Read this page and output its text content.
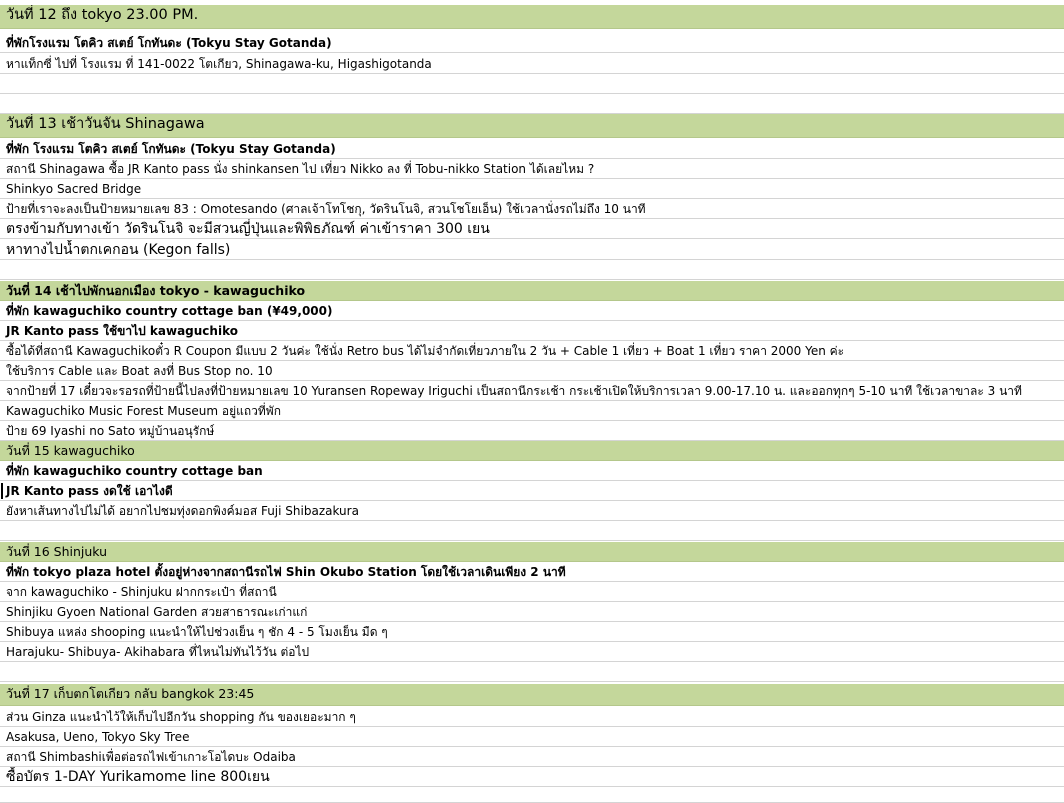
วันที่ 12 ถึง tokyo 23.00 PM.
ที่พักโรงแรม โตคิว สเตย์ โกทันดะ (Tokyu Stay Gotanda)
หาแท็กซี่ ไปที่ โรงแรม ที่ 141-0022 โตเกียว, Shinagawa-ku, Higashigotanda
วันที่ 13 เช้าวันจัน Shinagawa
ที่พัก โรงแรม โตคิว สเตย์ โกทันดะ (Tokyu Stay Gotanda)
สถานี Shinagawa ซื้อ JR Kanto pass นั่ง shinkansen ไป เที่ยว Nikko ลง ที่ Tobu-nikko Station ได้เลยไหม ?
Shinkyo Sacred Bridge
ป้ายที่เราจะลงเป็นป้ายหมายเลข 83 : Omotesando (ศาลเจ้าโทโชกุ, วัดรินโนจิ, สวนโชโยเอ็น) ใช้เวลานั่งรถไม่ถึง 10 นาที
ตรงข้ามกับทางเข้า วัดรินโนจิ จะมีสวนญี่ปุ่นและพิพิธภัณฑ์ ค่าเข้าราคา 300 เยน
หาทางไปน้ำตกเคกอน (Kegon falls)
วันที่ 14 เช้าไปพักนอกเมือง tokyo - kawaguchiko
ที่พัก kawaguchiko country cottage ban (¥49,000)
JR Kanto pass ใช้ขาไป kawaguchiko
ซื้อได้ที่สถานี Kawaguchikoตั๋ว R Coupon มีแบบ 2 วันค่ะ ใช้นั่ง Retro bus ได้ไม่จำกัดเที่ยวภายใน 2 วัน + Cable 1 เที่ยว + Boat 1 เที่ยว ราคา 2000 Yen ค่ะ
ใช้บริการ Cable และ Boat ลงที่ Bus Stop no. 10
จากป้ายที่ 17 เดี๋ยวจะรอรถที่ป้ายนี้ไปลงที่ป้ายหมายเลข 10 Yuransen Ropeway Iriguchi เป็นสถานีกระเช้า กระเช้าเปิดให้บริการเวลา 9.00-17.10 น. และออกทุกๆ 5-10 นาที ใช้เวลาขาละ 3 นาที
Kawaguchiko Music Forest Museum อยู่แถวที่พัก
ป้าย 69 Iyashi no Sato หมู่บ้านอนุรักษ์
วันที่ 15 kawaguchiko
ที่พัก kawaguchiko country cottage ban
JR Kanto pass งดใช้ เอาไงดี
ยังหาเส้นทางไปไม่ได้ อยากไปชมทุ่งดอกพิงค์มอส Fuji Shibazakura
วันที่ 16 Shinjuku
ที่พัก tokyo plaza hotel ตั้งอยู่ห่างจากสถานีรถไฟ Shin Okubo Station โดยใช้เวลาเดินเพียง 2 นาที
จาก kawaguchiko - Shinjuku ฝากกระเป๋า ที่สถานี
Shinjiku Gyoen National Garden สวยสาธารณะเก่าแก่
Shibuya แหล่ง shooping แนะนำให้ไปช่วงเย็น ๆ ชัก 4 - 5 โมงเย็น มืด ๆ
Harajuku- Shibuya- Akihabara ที่ไหนไม่ทันไว้วัน ต่อไป
วันที่ 17 เก็บตกโตเกียว กลับ bangkok 23:45
ส่วน Ginza แนะนำไว้ให้เก็บไปอีกวัน shopping กัน ของเยอะมาก ๆ
Asakusa, Ueno, Tokyo Sky Tree
สถานี Shimbashiเพื่อต่อรถไฟเข้าเกาะโอไดบะ Odaiba
ซื้อบัตร 1-DAY Yurikamome line 800เยน
